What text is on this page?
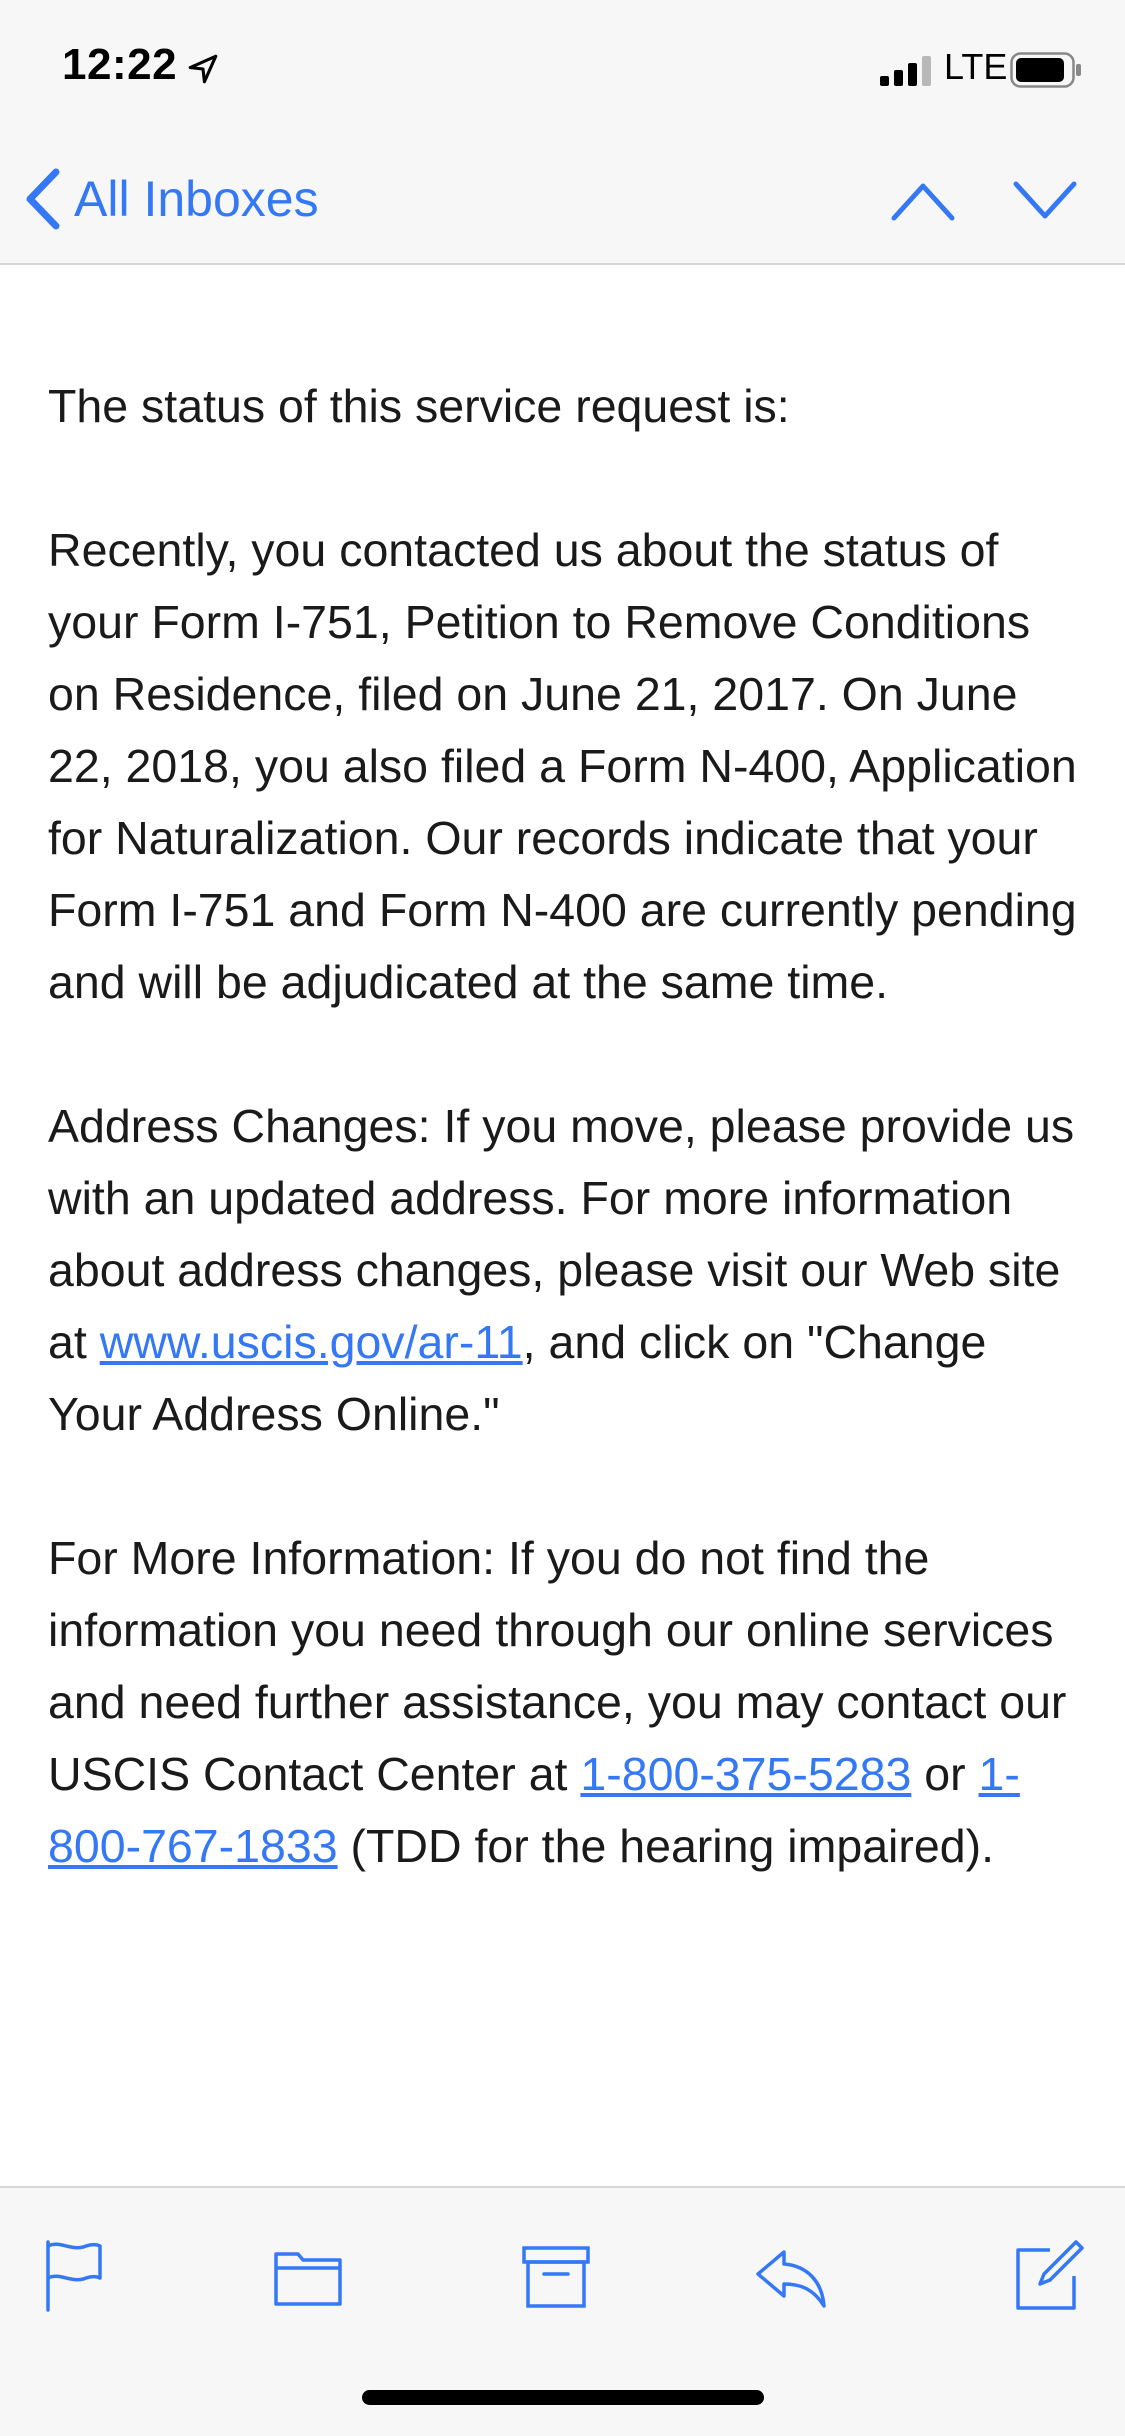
12:22	LTE
All Inboxes

The status of this service request is:

Recently, you contacted us about the status of your Form I-751, Petition to Remove Conditions on Residence, filed on June 21, 2017. On June 22, 2018, you also filed a Form N-400, Application for Naturalization. Our records indicate that your Form I-751 and Form N-400 are currently pending and will be adjudicated at the same time.

Address Changes: If you move, please provide us with an updated address. For more information about address changes, please visit our Web site at www.uscis.gov/ar-11, and click on "Change Your Address Online."

For More Information: If you do not find the information you need through our online services and need further assistance, you may contact our USCIS Contact Center at 1-800-375-5283 or 1-800-767-1833 (TDD for the hearing impaired).
